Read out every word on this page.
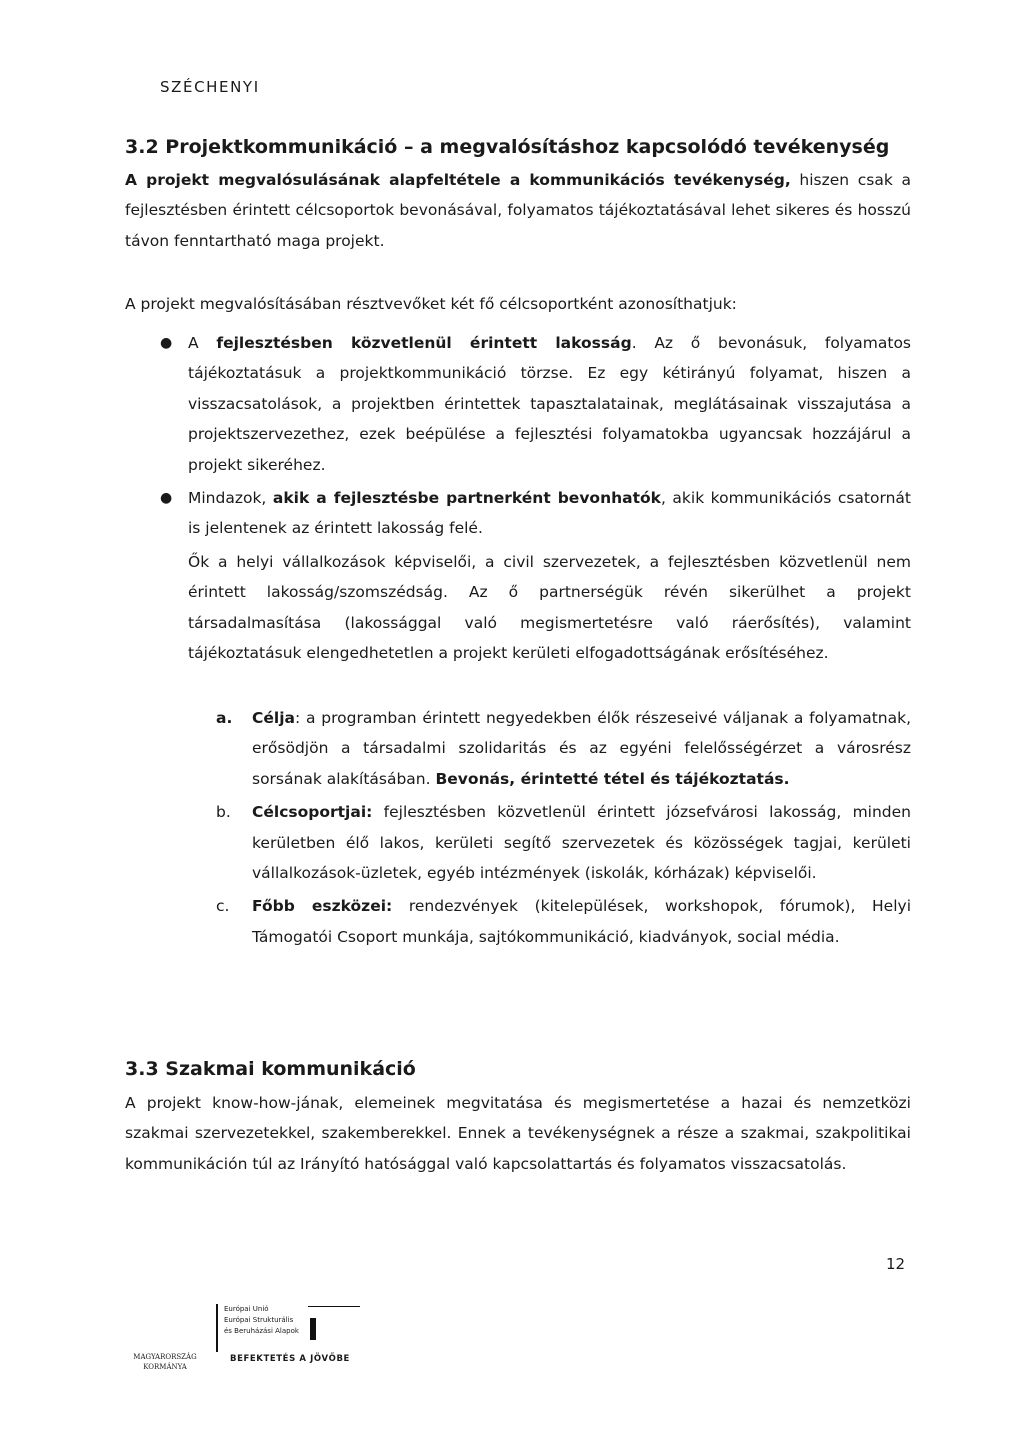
SZÉCHENYI
3.2 Projektkommunikáció – a megvalósításhoz kapcsolódó tevékenység
A projekt megvalósulásának alapfeltétele a kommunikációs tevékenység, hiszen csak a fejlesztésben érintett célcsoportok bevonásával, folyamatos tájékoztatásával lehet sikeres és hosszú távon fenntartható maga projekt.
A projekt megvalósításában résztvevőket két fő célcsoportként azonosíthatjuk:
● A fejlesztésben közvetlenül érintett lakosság. Az ő bevonásuk, folyamatos tájékoztatásuk a projektkommunikáció törzse. Ez egy kétirányú folyamat, hiszen a visszacsatolások, a projektben érintettek tapasztalatainak, meglátásainak visszajutása a projektszervezethez, ezek beépülése a fejlesztési folyamatokba ugyancsak hozzájárul a projekt sikeréhez.
● Mindazok, akik a fejlesztésbe partnerként bevonhatók, akik kommunikációs csatornát is jelentenek az érintett lakosság felé.
Ők a helyi vállalkozások képviselői, a civil szervezetek, a fejlesztésben közvetlenül nem érintett lakosság/szomszédság. Az ő partnerségük révén sikerülhet a projekt társadalmasítása (lakossággal való megismertetésre való ráerősítés), valamint tájékoztatásuk elengedhetetlen a projekt kerületi elfogadottságának erősítéséhez.
a. Célja: a programban érintett negyedekben élők részeseivé váljanak a folyamatnak, erősödjön a társadalmi szolidaritás és az egyéni felelősségérzet a városrész sorsának alakításában. Bevonás, érintetté tétel és tájékoztatás.
b. Célcsoportjai: fejlesztésben közvetlenül érintett józsefvárosi lakosság, minden kerületben élő lakos, kerületi segítő szervezetek és közösségek tagjai, kerületi vállalkozások-üzletek, egyéb intézmények (iskolák, kórházak) képviselői.
c. Főbb eszközei: rendezvények (kitelepülések, workshopok, fórumok), Helyi Támogatói Csoport munkája, sajtókommunikáció, kiadványok, social média.
3.3 Szakmai kommunikáció
A projekt know-how-jának, elemeinek megvitatása és megismertetése a hazai és nemzetközi szakmai szervezetekkel, szakemberekkel. Ennek a tevékenységnek a része a szakmai, szakpolitikai kommunikáción túl az Irányító hatósággal való kapcsolattartás és folyamatos visszacsatolás.
12
MAGYARORSZÁG
KORMÁNYA
Európai Unió
Európai Strukturális
és Beruházási Alapok
BEFEKTETÉS A JÖVŐBE
